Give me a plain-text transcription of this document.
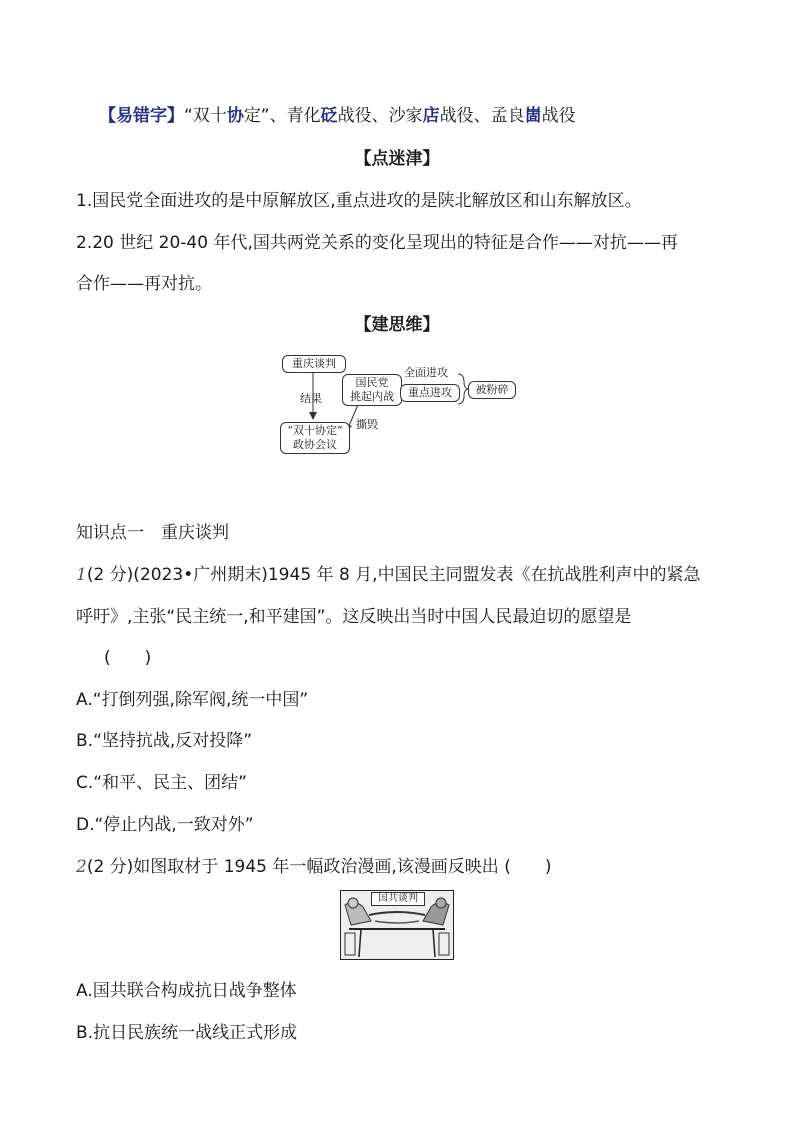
【易错字】“双十协定”、青化砭战役、沙家店战役、孟良崮战役
【点迷津】
1.国民党全面进攻的是中原解放区,重点进攻的是陕北解放区和山东解放区。
2.20 世纪 20-40 年代,国共两党关系的变化呈现出的特征是合作——对抗——再
合作——再对抗。
【建思维】
重庆谈判
结果
“双十协定”
政协会议
撕毁
国民党
挑起内战
全面进攻
重点进攻	被粉碎
知识点一　重庆谈判
1(2 分)(2023•广州期末)1945 年 8 月,中国民主同盟发表《在抗战胜利声中的紧急
呼吁》,主张“民主统一,和平建国”。这反映出当时中国人民最迫切的愿望是
(　　)
A.“打倒列强,除军阀,统一中国”
B.“坚持抗战,反对投降”
C.“和平、民主、团结”
D.“停止内战,一致对外”
2(2 分)如图取材于 1945 年一幅政治漫画,该漫画反映出 (　　)
国共谈判
A.国共联合构成抗日战争整体
B.抗日民族统一战线正式形成
